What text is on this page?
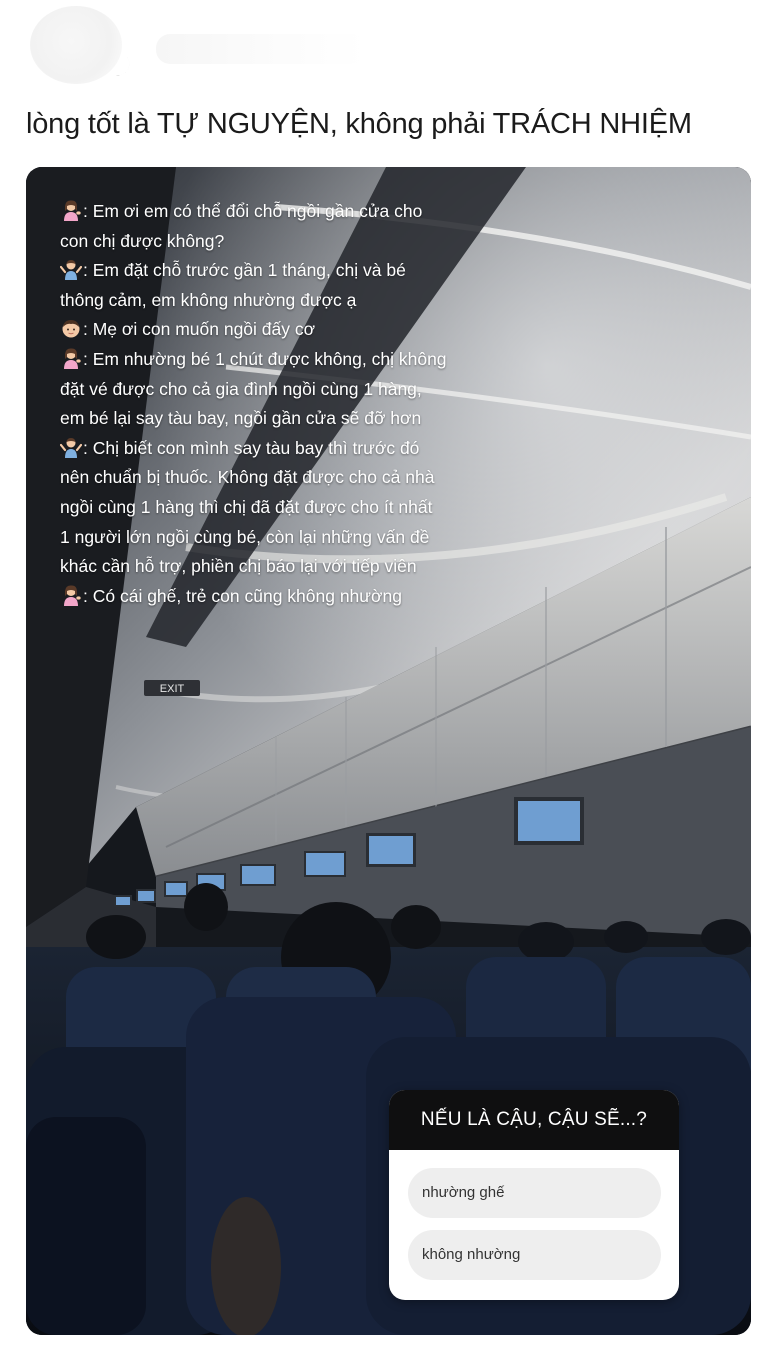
lòng tốt là TỰ NGUYỆN, không phải TRÁCH NHIỆM
EXIT
: Em ơi em có thể đổi chỗ ngồi gần cửa cho
con chị được không?
: Em đặt chỗ trước gần 1 tháng, chị và bé
thông cảm, em không nhường được ạ
: Mẹ ơi con muốn ngồi đấy cơ
: Em nhường bé 1 chút được không, chị không
đặt vé được cho cả gia đình ngồi cùng 1 hàng,
em bé lại say tàu bay, ngồi gần cửa sẽ đỡ hơn
: Chị biết con mình say tàu bay thì trước đó
nên chuẩn bị thuốc. Không đặt được cho cả nhà
ngồi cùng 1 hàng thì chị đã đặt được cho ít nhất
1 người lớn ngồi cùng bé, còn lại những vấn đề
khác cần hỗ trợ, phiền chị báo lại với tiếp viên
: Có cái ghế, trẻ con cũng không nhường
NẾU LÀ CẬU, CẬU SẼ...?
nhường ghế
không nhường
